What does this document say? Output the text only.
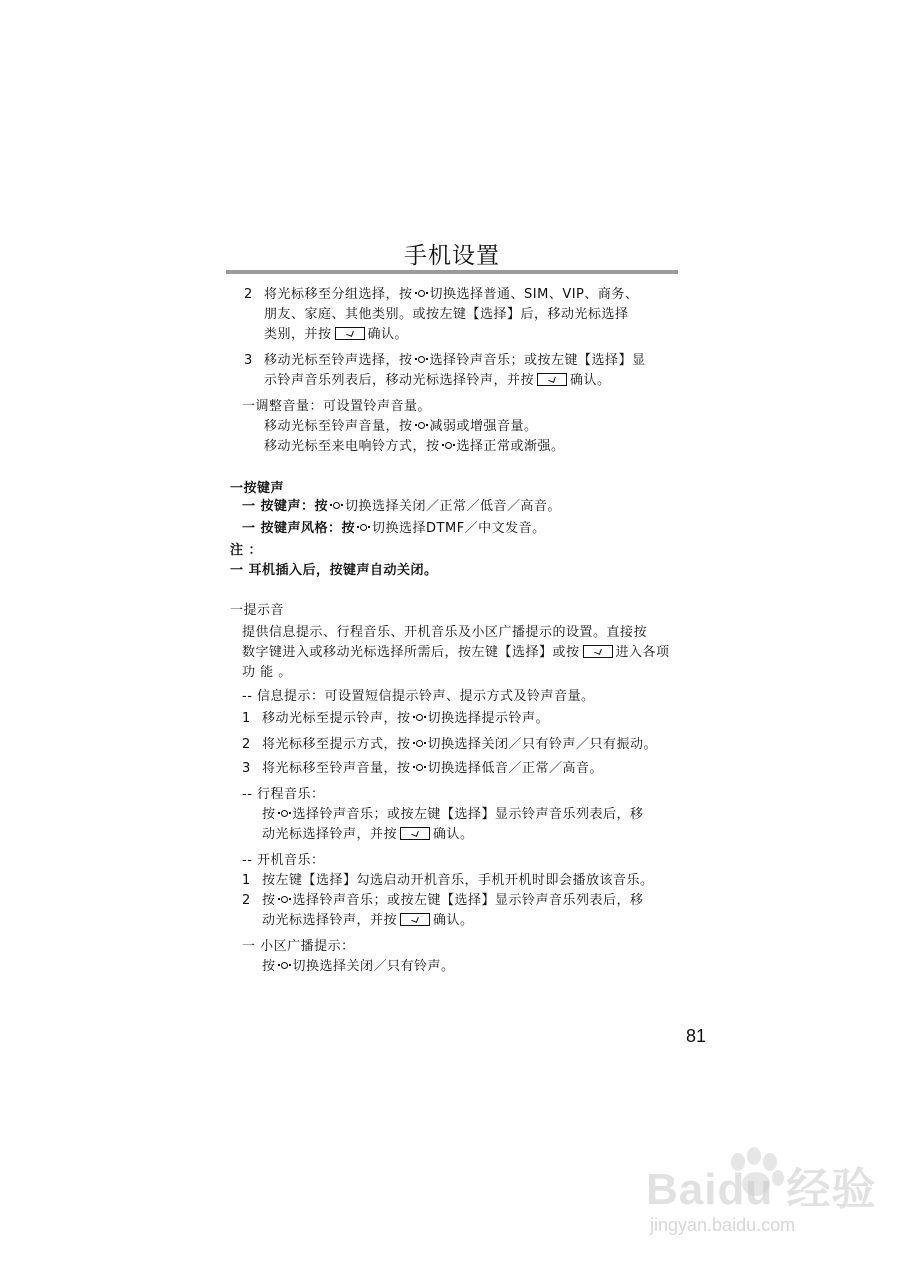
手机设置
2 将光标移至分组选择，按 切换选择普通、SIM、VIP、商务、
朋友、家庭、其他类别。或按左键【选择】后，移动光标选择
类别，并按	确认。
3 移动光标至铃声选择，按 选择铃声音乐；或按左键【选择】显
示铃声音乐列表后，移动光标选择铃声，并按	确认。
一调整音量：可设置铃声音量。
移动光标至铃声音量，按 减弱或增强音量。
移动光标至来电响铃方式，按 选择正常或渐强。
一按键声
一 按键声：按 切换选择关闭／正常／低音／高音。
一 按键声风格：按 切换选择DTMF／中文发音。
注 ：
一 耳机插入后，按键声自动关闭。
一提示音
提供信息提示、行程音乐、开机音乐及小区广播提示的设置。直接按
数字键进入或移动光标选择所需后，按左键【选择】或按	进入各项
功 能 。
-- 信息提示：可设置短信提示铃声、提示方式及铃声音量。
1 移动光标至提示铃声，按 切换选择提示铃声。
2 将光标移至提示方式，按 切换选择关闭／只有铃声／只有振动。
3 将光标移至铃声音量，按 切换选择低音／正常／高音。
-- 行程音乐：
按 选择铃声音乐；或按左键【选择】显示铃声音乐列表后，移
动光标选择铃声，并按	确认。
-- 开机音乐：
1 按左键【选择】勾选启动开机音乐，手机开机时即会播放该音乐。
2 按 选择铃声音乐；或按左键【选择】显示铃声音乐列表后，移
动光标选择铃声，并按	确认。
一 小区广播提示：
按 切换选择关闭／只有铃声。
81
Baidu 经验
jingyan.baidu.com
